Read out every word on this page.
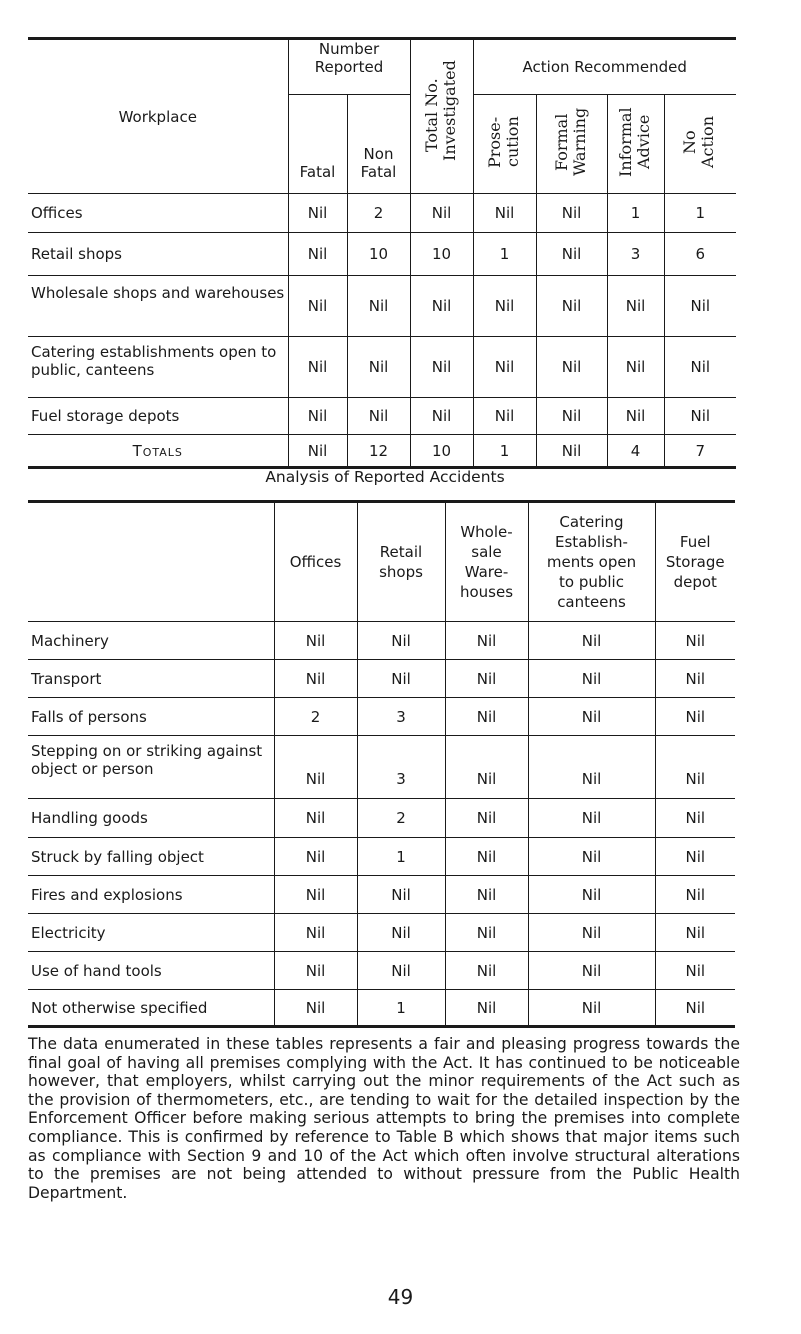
Workplace	Number Reported		Total No. Investigated	Action Recommended			
	Fatal	Non Fatal		Prose- cution	Formal Warning	Informal Advice	No Action
Offices	Nil	2	Nil	Nil	Nil	1	1
Retail shops	Nil	10	10	1	Nil	3	6
Wholesale shops and warehouses	Nil	Nil	Nil	Nil	Nil	Nil	Nil
Catering establishments open to public, canteens	Nil	Nil	Nil	Nil	Nil	Nil	Nil
Fuel storage depots	Nil	Nil	Nil	Nil	Nil	Nil	Nil
Totals	Nil	12	10	1	Nil	4	7
Analysis of Reported Accidents
	Offices	Retail shops	Whole- sale Ware- houses	Catering Establish- ments open to public canteens	Fuel Storage depot
Machinery	Nil	Nil	Nil	Nil	Nil
Transport	Nil	Nil	Nil	Nil	Nil
Falls of persons	2	3	Nil	Nil	Nil
Stepping on or striking against object or person	Nil	3	Nil	Nil	Nil
Handling goods	Nil	2	Nil	Nil	Nil
Struck by falling object	Nil	1	Nil	Nil	Nil
Fires and explosions	Nil	Nil	Nil	Nil	Nil
Electricity	Nil	Nil	Nil	Nil	Nil
Use of hand tools	Nil	Nil	Nil	Nil	Nil
Not otherwise specified	Nil	1	Nil	Nil	Nil

The data enumerated in these tables represents a fair and pleasing progress towards the final goal of having all premises complying with the Act. It has continued to be noticeable however, that employers, whilst carrying out the minor requirements of the Act such as the provision of thermometers, etc., are tending to wait for the detailed inspection by the Enforcement Officer before making serious attempts to bring the premises into complete compliance. This is confirmed by reference to Table B which shows that major items such as compliance with Section 9 and 10 of the Act which often involve structural alterations to the premises are not being attended to without pressure from the Public Health Department.

49
